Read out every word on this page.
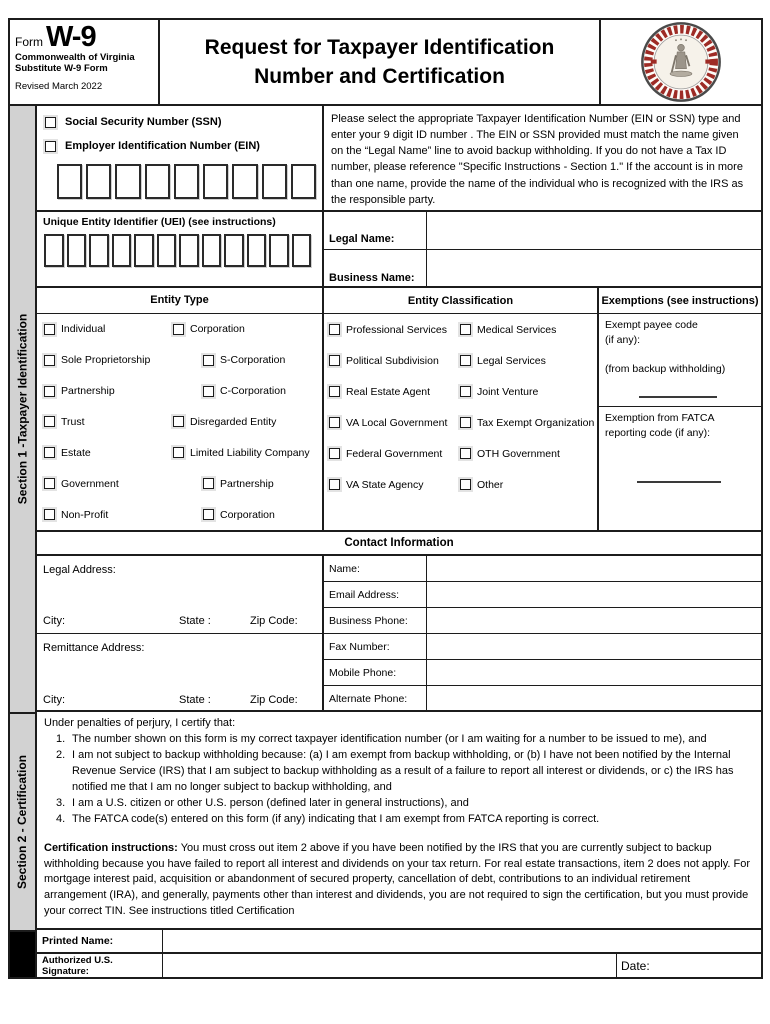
Form W-9
Commonwealth of Virginia
Substitute W-9 Form
Revised March 2022
Request for Taxpayer Identification
Number and Certification
Section 1 -Taxpayer Identification
Section 2 - Certification
Social Security Number (SSN)
Employer Identification Number (EIN)
Please select the appropriate Taxpayer Identification Number (EIN or SSN) type and enter your 9 digit ID number . The EIN or SSN provided must match the name given on the “Legal Name” line to avoid backup withholding. If you do not have a Tax ID number, please reference "Specific Instructions - Section 1." If the account is in more than one name, provide the name of the individual who is recognized with the IRS as the responsible party.
Unique Entity Identifier (UEI) (see instructions)
Legal Name:
Business Name:
Entity Type
Individual	Corporation
Sole Proprietorship	S-Corporation
Partnership	C-Corporation
Trust	Disregarded Entity
Estate	Limited Liability Company
Government	Partnership
Non-Profit	Corporation
Entity Classification
Professional Services	Medical Services
Political Subdivision	Legal Services
Real Estate Agent	Joint Venture
VA Local Government	Tax Exempt Organization
Federal Government	OTH Government
VA State Agency	Other
Exemptions (see instructions)
Exempt payee code
(if any):
(from backup withholding)
Exemption from FATCA reporting code (if any):
Contact Information
Legal Address:
City:	State :	Zip Code:
Remittance Address:
City:	State :	Zip Code:
Name:
Email Address:
Business Phone:
Fax Number:
Mobile Phone:
Alternate Phone:
Under penalties of perjury, I certify that:
1. The number shown on this form is my correct taxpayer identification number (or I am waiting for a number to be issued to me), and
2. I am not subject to backup withholding because: (a) I am exempt from backup withholding, or (b) I have not been notified by the Internal Revenue Service (IRS) that I am subject to backup withholding as a result of a failure to report all interest or dividends, or c) the IRS has notified me that I am no longer subject to backup withholding, and
3. I am a U.S. citizen or other U.S. person (defined later in general instructions), and
4. The FATCA code(s) entered on this form (if any) indicating that I am exempt from FATCA reporting is correct.
Certification instructions: You must cross out item 2 above if you have been notified by the IRS that you are currently subject to backup withholding because you have failed to report all interest and dividends on your tax return. For real estate transactions, item 2 does not apply. For mortgage interest paid, acquisition or abandonment of secured property, cancellation of debt, contributions to an individual retirement arrangement (IRA), and generally, payments other than interest and dividends, you are not required to sign the certification, but you must provide your correct TIN. See instructions titled Certification
Printed Name:
Authorized U.S. Signature:	Date:
